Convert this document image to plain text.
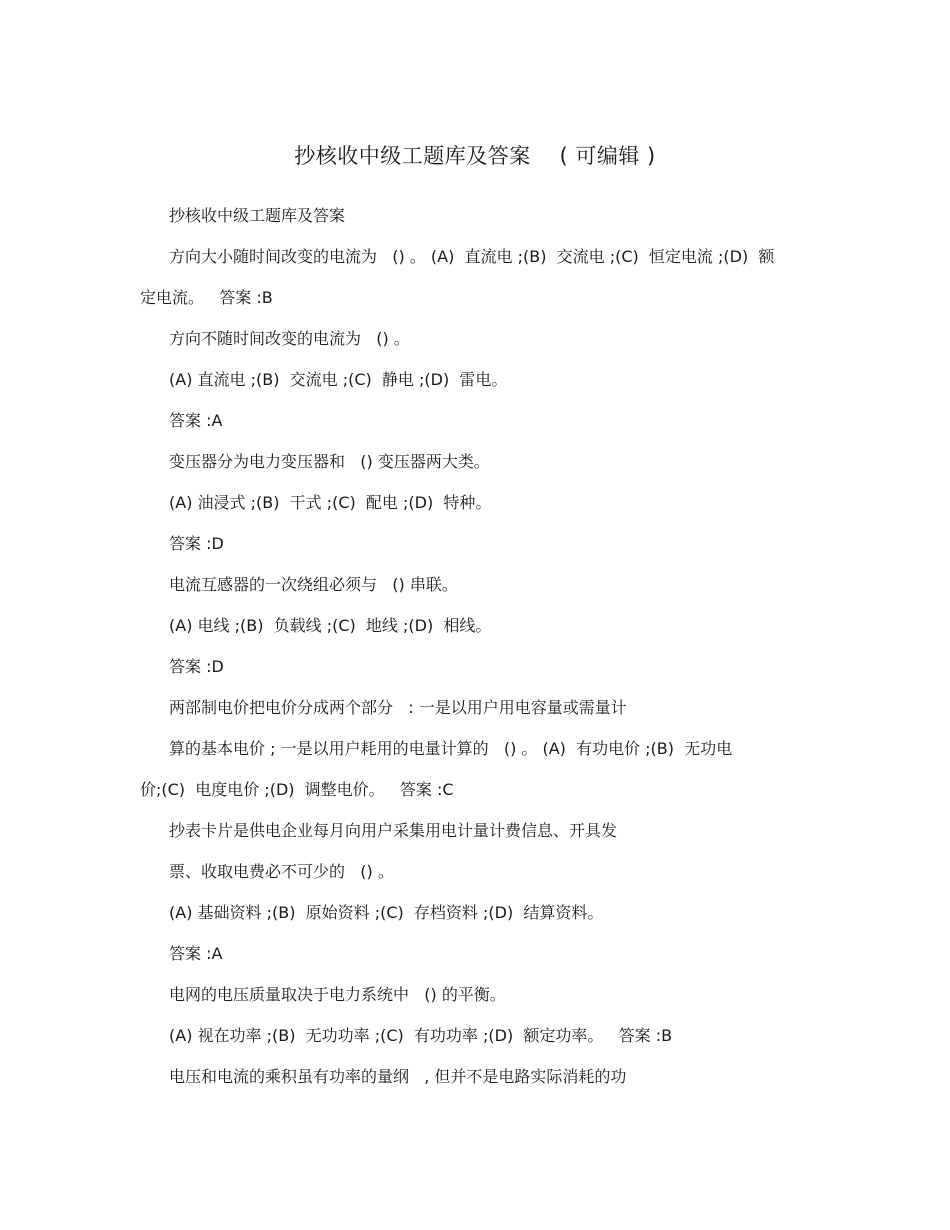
抄核收中级工题库及答案    ( 可编辑 )
抄核收中级工题库及答案
方向大小随时间改变的电流为   () 。 (A)  直流电 ;(B)  交流电 ;(C)  恒定电流 ;(D)  额
定电流。   答案 :B
方向不随时间改变的电流为   () 。
(A) 直流电 ;(B)  交流电 ;(C)  静电 ;(D)  雷电。
答案 :A
变压器分为电力变压器和   () 变压器两大类。
(A) 油浸式 ;(B)  干式 ;(C)  配电 ;(D)  特种。
答案 :D
电流互感器的一次绕组必须与   () 串联。
(A) 电线 ;(B)  负载线 ;(C)  地线 ;(D)  相线。
答案 :D
两部制电价把电价分成两个部分   : 一是以用户用电容量或需量计
算的基本电价 ; 一是以用户耗用的电量计算的   () 。 (A)  有功电价 ;(B)  无功电
价;(C)  电度电价 ;(D)  调整电价。   答案 :C
抄表卡片是供电企业每月向用户采集用电计量计费信息、开具发
票、收取电费必不可少的   () 。
(A) 基础资料 ;(B)  原始资料 ;(C)  存档资料 ;(D)  结算资料。
答案 :A
电网的电压质量取决于电力系统中   () 的平衡。
(A) 视在功率 ;(B)  无功功率 ;(C)  有功功率 ;(D)  额定功率。   答案 :B
电压和电流的乘积虽有功率的量纲   , 但并不是电路实际消耗的功
